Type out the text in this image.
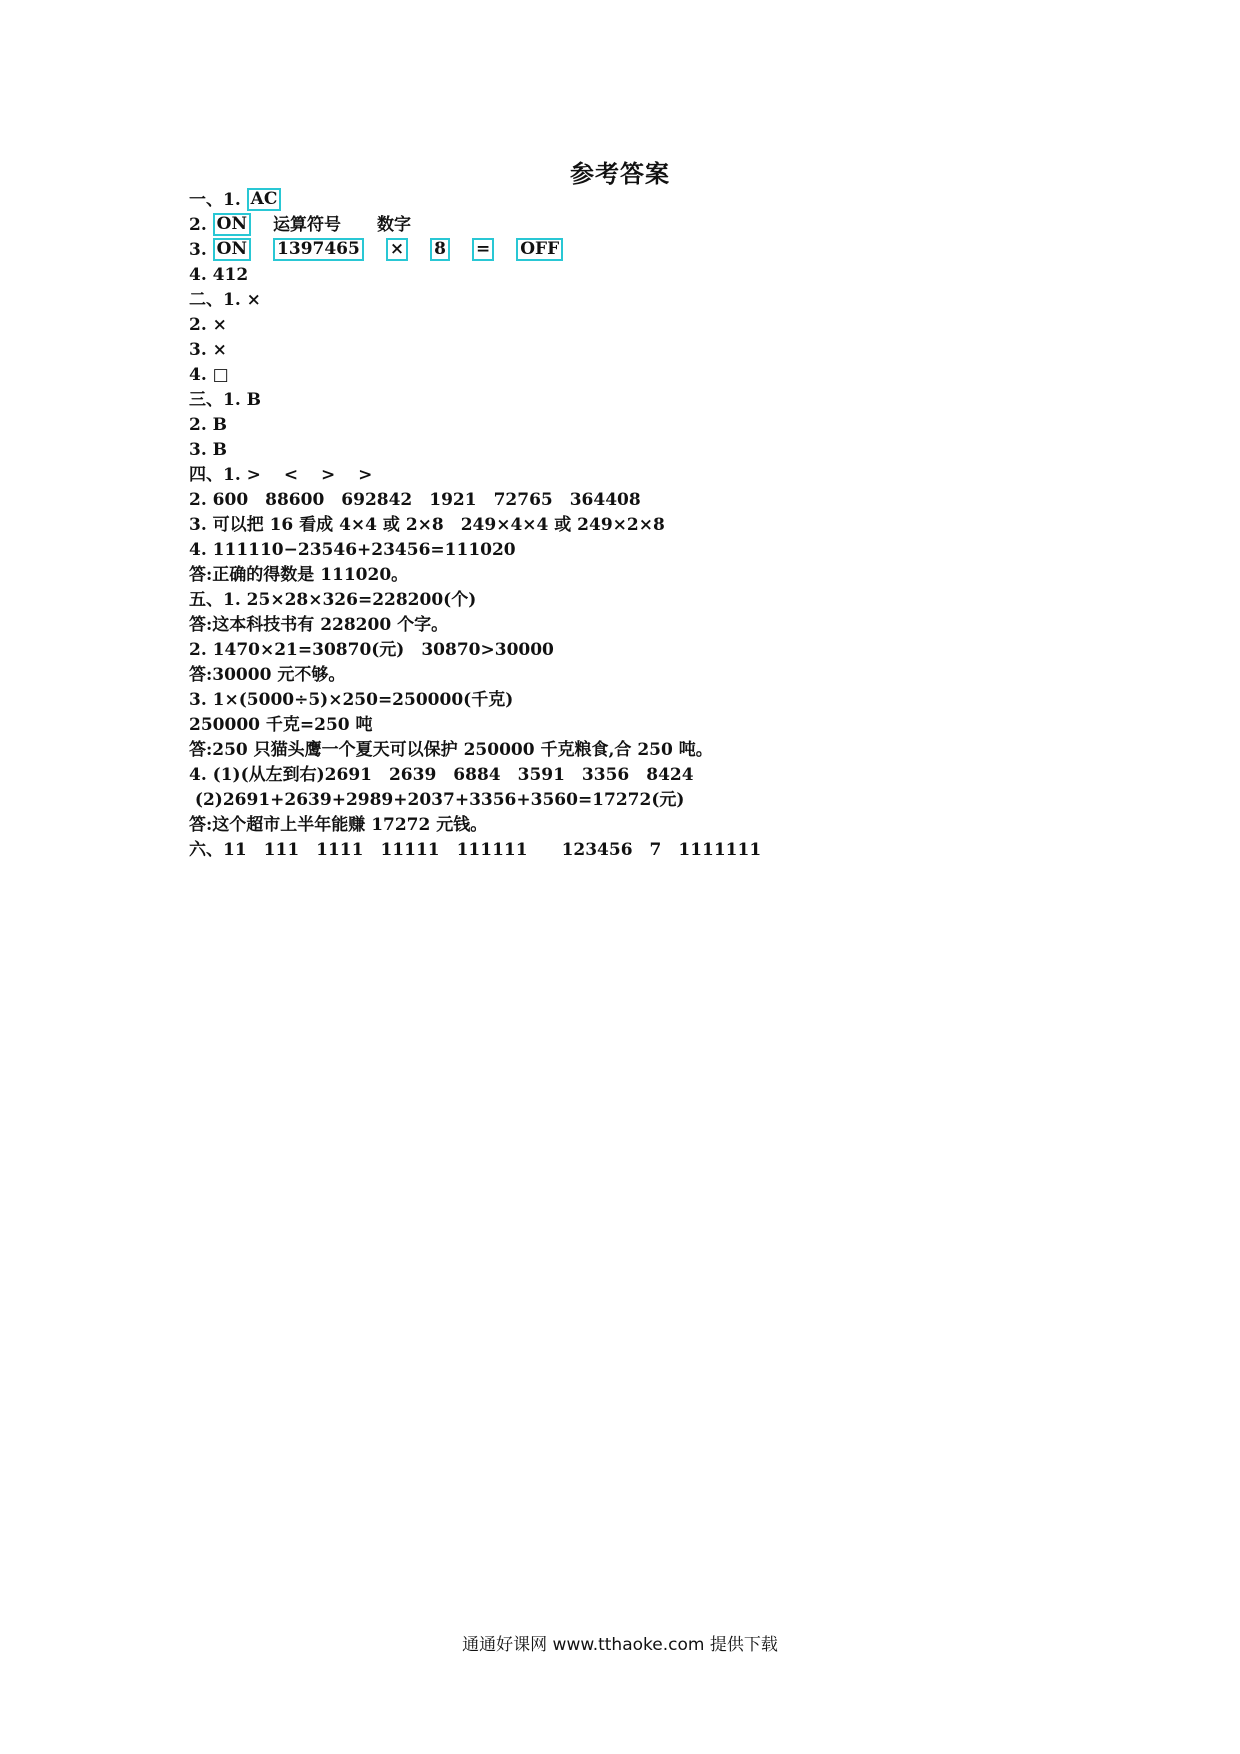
参考答案
一、1. AC
2. ON 运算符号 数字
3. ON 1397465 × 8 = OFF
4. 412
二、1. ×
2. ×
3. ×
4. □
三、1. B
2. B
3. B
四、1. >　 <　 >　 >
2. 600　88600　692842　1921　72765　364408
3. 可以把 16 看成 4×4 或 2×8　249×4×4 或 249×2×8
4. 111110−23546+23456=111020
答:正确的得数是 111020。
五、1. 25×28×326=228200(个)
答:这本科技书有 228200 个字。
2. 1470×21=30870(元)　30870>30000
答:30000 元不够。
3. 1×(5000÷5)×250=250000(千克)
250000 千克=250 吨
答:250 只猫头鹰一个夏天可以保护 250000 千克粮食,合 250 吨。
4. (1)(从左到右)2691　2639　6884　3591　3356　8424
(2)2691+2639+2989+2037+3356+3560=17272(元)
答:这个超市上半年能赚 17272 元钱。
六、11　111　1111　11111　111111　　123456　7　1111111
通通好课网 www.tthaoke.com 提供下载
